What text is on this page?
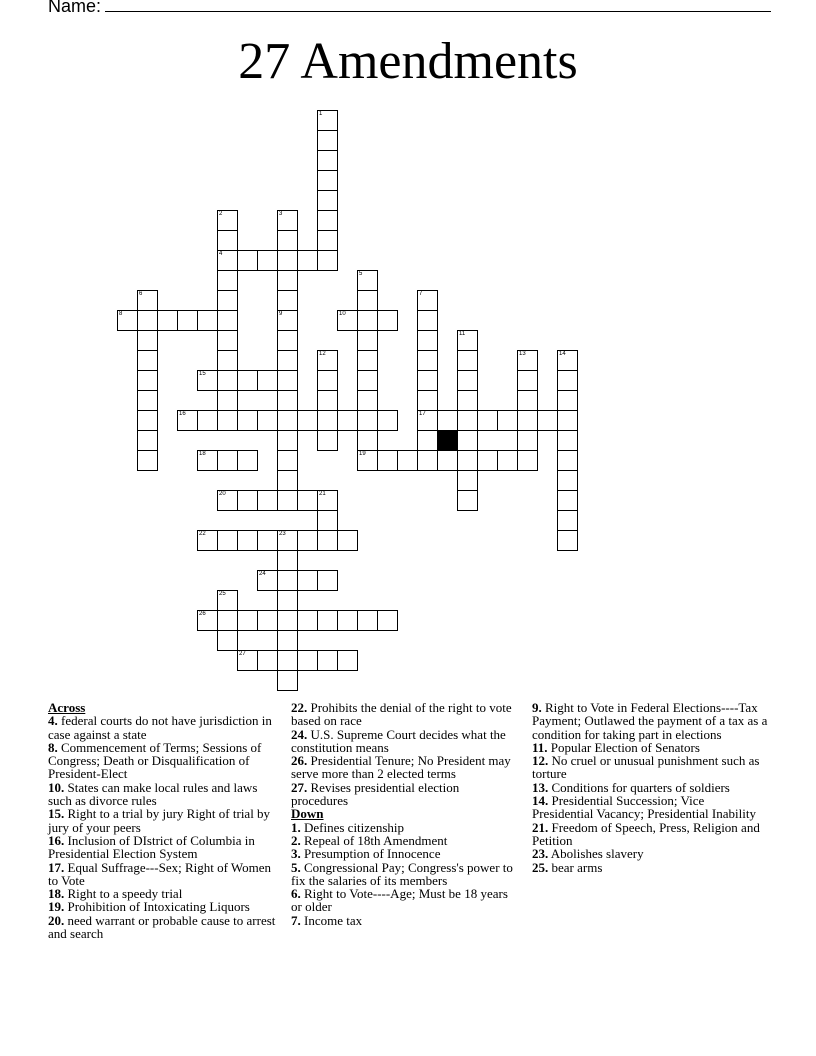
Name:
27 Amendments
1
2
4
3
9
5
19
6	7
17
8	10
11
12	13	14
15
16
18
20	21
22	23
24
25
26
27
Across
4. federal courts do not have jurisdiction in case against a state
8. Commencement of Terms; Sessions of Congress; Death or Disqualification of President-Elect
10. States can make local rules and laws such as divorce rules
15. Right to a trial by jury Right of trial by jury of your peers
16. Inclusion of DIstrict of Columbia in Presidential Election System
17. Equal Suffrage---Sex; Right of Women to Vote
18. Right to a speedy trial
19. Prohibition of Intoxicating Liquors
20. need warrant or probable cause to arrest and search
22. Prohibits the denial of the right to vote based on race
24. U.S. Supreme Court decides what the constitution means
26. Presidential Tenure; No President may serve more than 2 elected terms
27. Revises presidential election procedures
Down
1. Defines citizenship
2. Repeal of 18th Amendment
3. Presumption of Innocence
5. Congressional Pay; Congress's power to fix the salaries of its members
6. Right to Vote----Age; Must be 18 years or older
7. Income tax
9. Right to Vote in Federal Elections----Tax Payment; Outlawed the payment of a tax as a condition for taking part in elections
11. Popular Election of Senators
12. No cruel or unusual punishment such as torture
13. Conditions for quarters of soldiers
14. Presidential Succession; Vice Presidential Vacancy; Presidential Inability
21. Freedom of Speech, Press, Religion and Petition
23. Abolishes slavery
25. bear arms
